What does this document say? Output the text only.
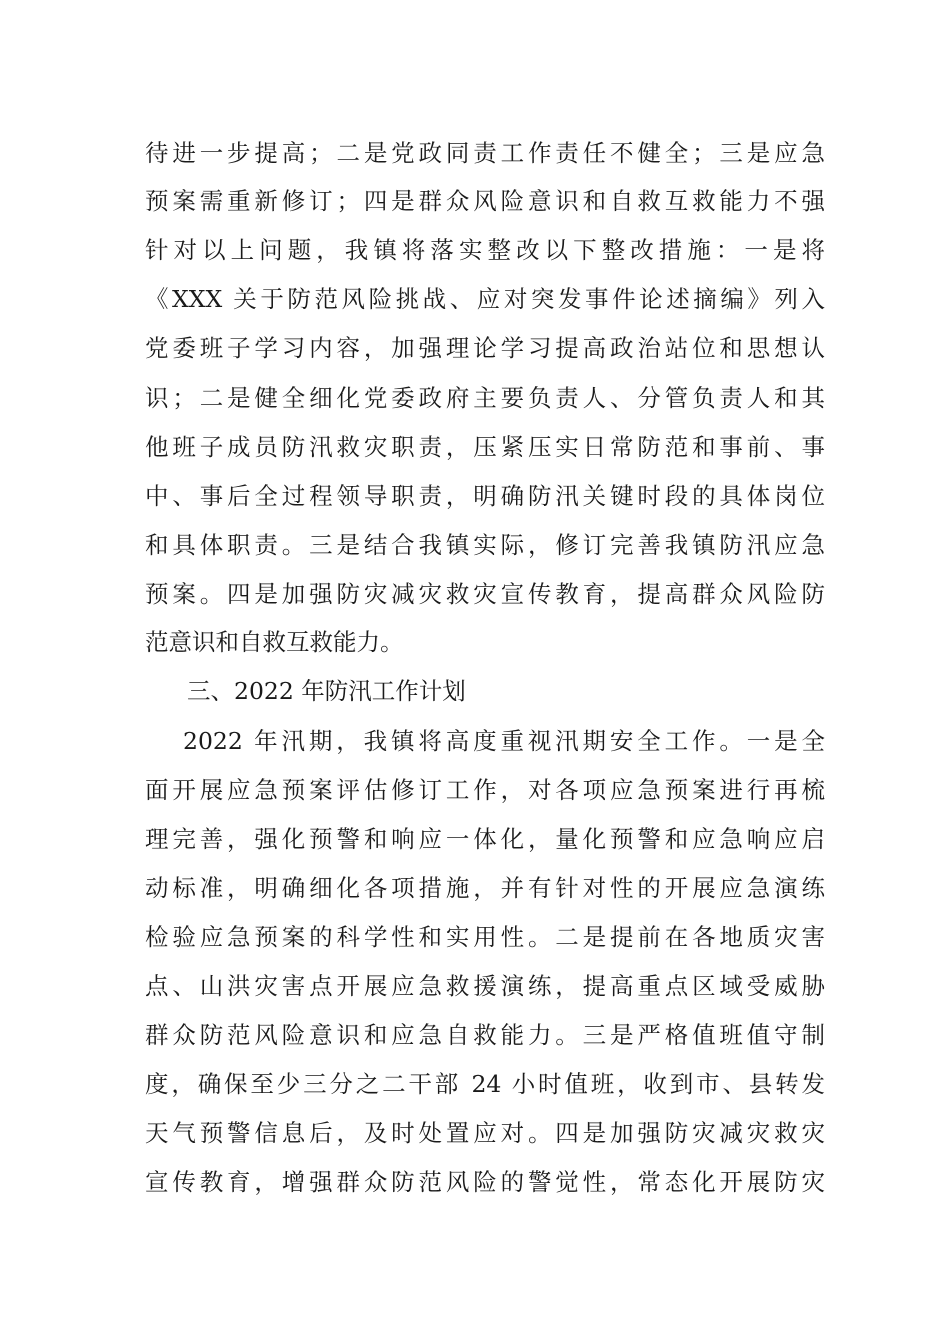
待进一步提高；二是党政同责工作责任不健全；三是应急
预案需重新修订；四是群众风险意识和自救互救能力不强
针对以上问题，我镇将落实整改以下整改措施：一是将
《XXX 关于防范风险挑战、应对突发事件论述摘编》列入
党委班子学习内容，加强理论学习提高政治站位和思想认
识；二是健全细化党委政府主要负责人、分管负责人和其
他班子成员防汛救灾职责，压紧压实日常防范和事前、事
中、事后全过程领导职责，明确防汛关键时段的具体岗位
和具体职责。三是结合我镇实际，修订完善我镇防汛应急
预案。四是加强防灾减灾救灾宣传教育，提高群众风险防
范意识和自救互救能力。
三、2022 年防汛工作计划
2022 年汛期，我镇将高度重视汛期安全工作。一是全
面开展应急预案评估修订工作，对各项应急预案进行再梳
理完善，强化预警和响应一体化，量化预警和应急响应启
动标准，明确细化各项措施，并有针对性的开展应急演练
检验应急预案的科学性和实用性。二是提前在各地质灾害
点、山洪灾害点开展应急救援演练，提高重点区域受威胁
群众防范风险意识和应急自救能力。三是严格值班值守制
度，确保至少三分之二干部 24 小时值班，收到市、县转发
天气预警信息后，及时处置应对。四是加强防灾减灾救灾
宣传教育，增强群众防范风险的警觉性，常态化开展防灾
